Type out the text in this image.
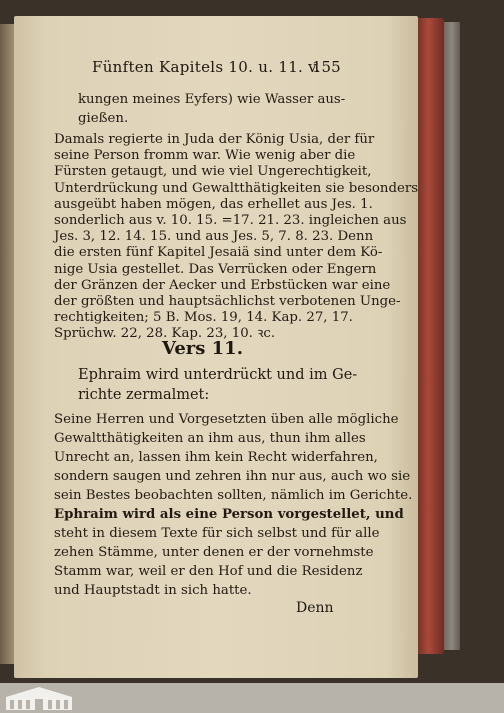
Fünften Kapitels 10. u. 11. v.
155
kungen meines Eyfers) wie Wasser aus-
gießen.
Damals regierte in Juda der König Usia, der für
seine Person fromm war. Wie wenig aber die
Fürsten getaugt, und wie viel Ungerechtigkeit,
Unterdrückung und Gewaltthätigkeiten sie besonders
ausgeübt haben mögen, das erhellet aus Jes. 1.
sonderlich aus v. 10. 15. =17. 21. 23. ingleichen aus
Jes. 3, 12. 14. 15. und aus Jes. 5, 7. 8. 23. Denn
die ersten fünf Kapitel Jesaiä sind unter dem Kö-
nige Usia gestellet. Das Verrücken oder Engern
der Gränzen der Aecker und Erbstücken war eine
der größten und hauptsächlichst verbotenen Unge-
rechtigkeiten; 5 B. Mos. 19, 14. Kap. 27, 17.
Sprüchw. 22, 28. Kap. 23, 10. ꝛc.
Vers 11.
Ephraim wird unterdrückt und im Ge-
richte zermalmet:
Seine Herren und Vorgesetzten üben alle mögliche
Gewaltthätigkeiten an ihm aus, thun ihm alles
Unrecht an, lassen ihm kein Recht widerfahren,
sondern saugen und zehren ihn nur aus, auch wo sie
sein Bestes beobachten sollten, nämlich im Gerichte.
Ephraim wird als eine Person vorgestellet, und
steht in diesem Texte für sich selbst und für alle
zehen Stämme, unter denen er der vornehmste
Stamm war, weil er den Hof und die Residenz
und Hauptstadt in sich hatte.
Denn
